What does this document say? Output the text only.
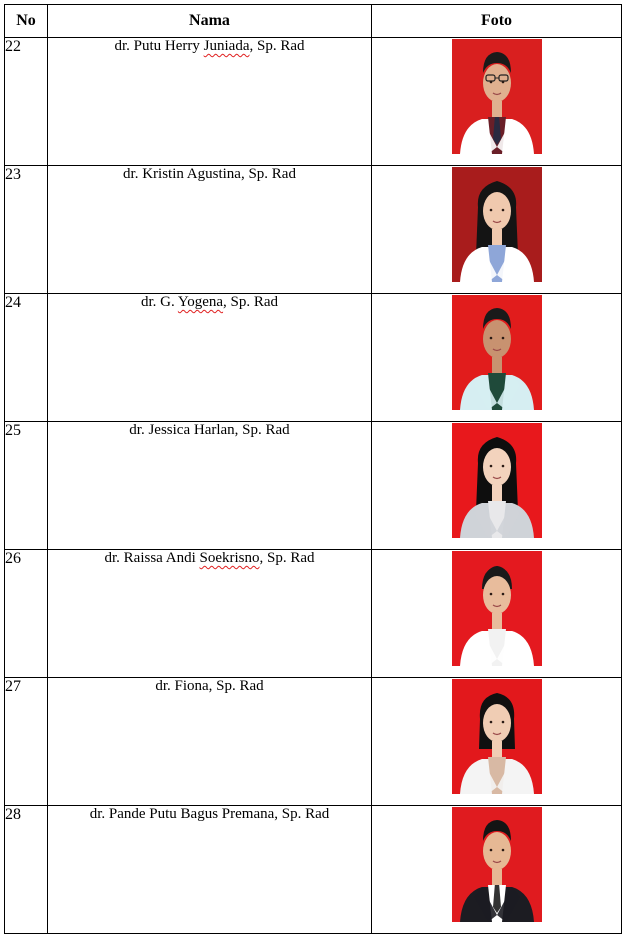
No	Nama	Foto
22	dr. Putu Herry Juniada, Sp. Rad	

23	dr. Kristin Agustina, Sp. Rad	

24	dr. G. Yogena, Sp. Rad	

25	dr. Jessica Harlan, Sp. Rad	

26	dr. Raissa Andi Soekrisno, Sp. Rad	

27	dr. Fiona, Sp. Rad	

28	dr. Pande Putu Bagus Premana, Sp. Rad	
